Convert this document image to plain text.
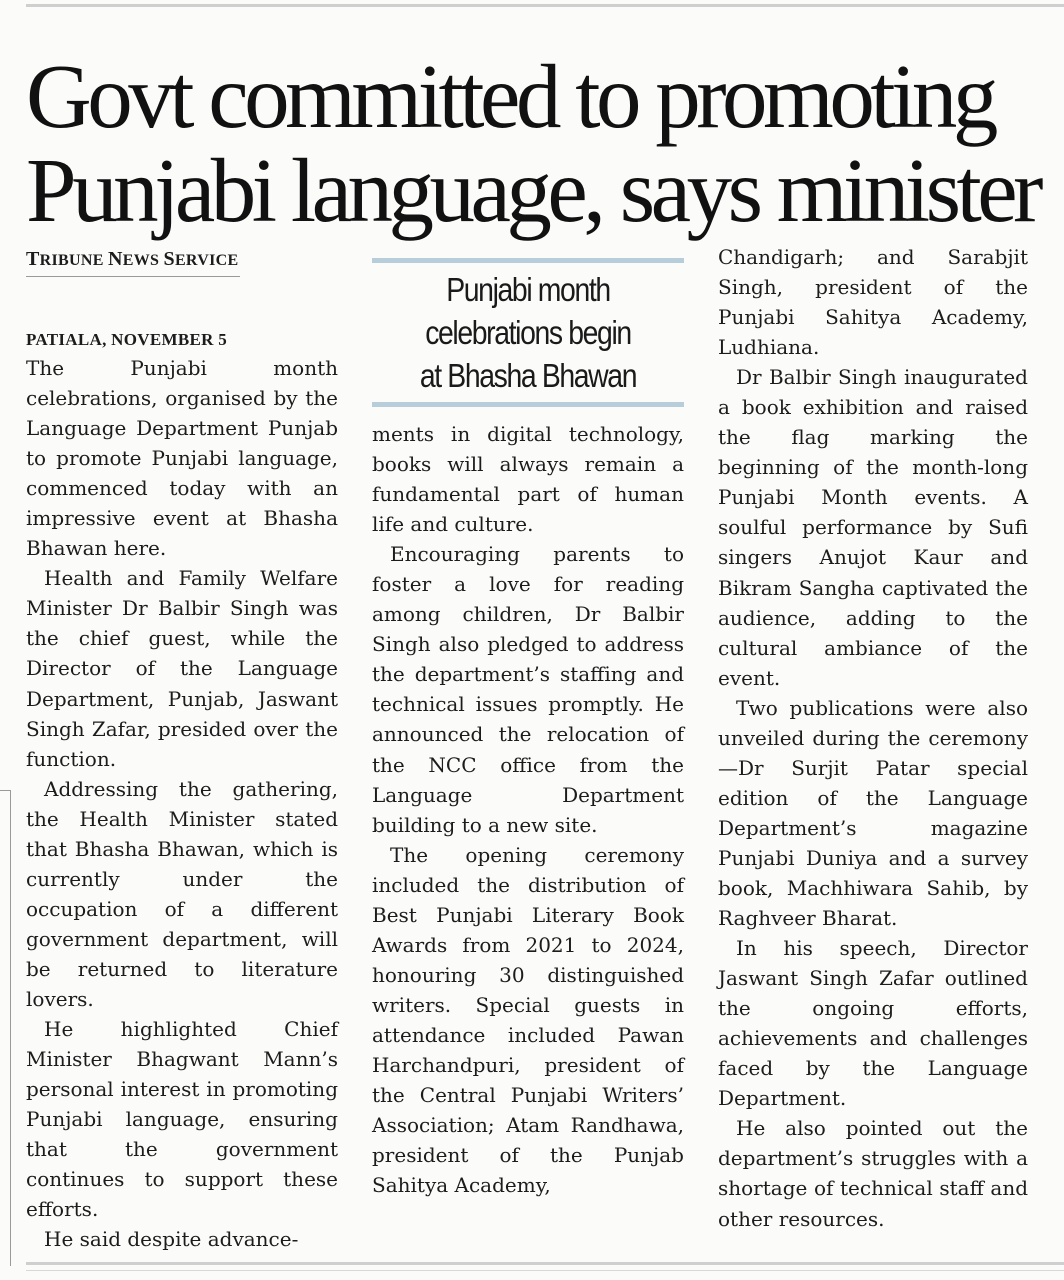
Govt committed to promoting
Punjabi language, says minister
TRIBUNE NEWS SERVICE
PATIALA, NOVEMBER 5

The Punjabi month celebrations, organised by the Language Department Punjab to promote Punjabi language, commenced today with an impressive event at Bhasha Bhawan here.

Health and Family Welfare Minister Dr Balbir Singh was the chief guest, while the Director of the Language Department, Punjab, Jaswant Singh Zafar, presided over the function.

Addressing the gathering, the Health Minister stated that Bhasha Bhawan, which is currently under the occupation of a different government department, will be returned to literature lovers.

He highlighted Chief Minister Bhagwant Mann’s personal interest in promoting Punjabi language, ensuring that the government continues to support these efforts.

He said despite advance-

Punjabi month
celebrations begin
at Bhasha Bhawan

ments in digital technology, books will always remain a fundamental part of human life and culture.

Encouraging parents to foster a love for reading among children, Dr Balbir Singh also pledged to address the department’s staffing and technical issues promptly. He announced the relocation of the NCC office from the Language Department building to a new site.

The opening ceremony included the distribution of Best Punjabi Literary Book Awards from 2021 to 2024, honouring 30 distinguished writers. Special guests in attendance included Pawan Harchandpuri, president of the Central Punjabi Writers’ Association; Atam Randhawa, president of the Punjab Sahitya Academy,

Chandigarh; and Sarabjit Singh, president of the Punjabi Sahitya Academy, Ludhiana.

Dr Balbir Singh inaugurated a book exhibition and raised the flag marking the beginning of the month-long Punjabi Month events. A soulful performance by Sufi singers Anujot Kaur and Bikram Sangha captivated the audience, adding to the cultural ambiance of the event.

Two publications were also unveiled during the ceremony —Dr Surjit Patar special edition of the Language Department’s magazine Punjabi Duniya and a survey book, Machhiwara Sahib, by Raghveer Bharat.

In his speech, Director Jaswant Singh Zafar outlined the ongoing efforts, achievements and challenges faced by the Language Department.

He also pointed out the department’s struggles with a shortage of technical staff and other resources.
